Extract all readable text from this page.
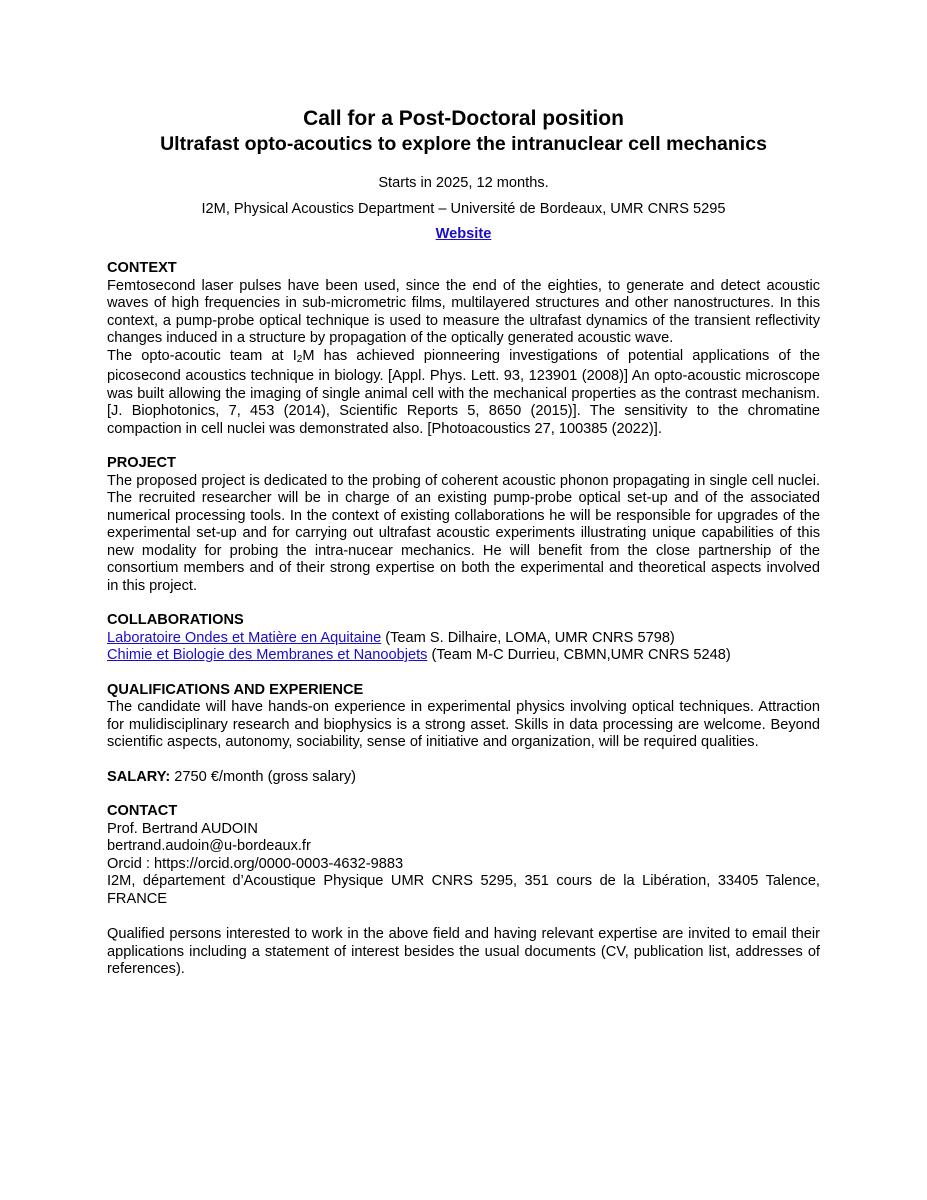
Call for a Post-Doctoral position

Ultrafast opto-acoutics to explore the intranuclear cell mechanics

Starts in 2025, 12 months.

I2M, Physical Acoustics Department – Université de Bordeaux, UMR CNRS 5295

Website

CONTEXT

Femtosecond laser pulses have been used, since the end of the eighties, to generate and detect acoustic waves of high frequencies in sub-micrometric films, multilayered structures and other nanostructures. In this context, a pump-probe optical technique is used to measure the ultrafast dynamics of the transient reflectivity changes induced in a structure by propagation of the optically generated acoustic wave.

The opto-acoutic team at $I_2M$ has achieved pionneering investigations of potential applications of the picosecond acoustics technique in biology. [Appl. Phys. Lett. 93, 123901 (2008)] An opto-acoustic microscope was built allowing the imaging of single animal cell with the mechanical properties as the contrast mechanism. [J. Biophotonics, 7, 453 (2014), Scientific Reports 5, 8650 (2015)]. The sensitivity to the chromatine compaction in cell nuclei was demonstrated also. [Photoacoustics 27, 100385 (2022)].

PROJECT

The proposed project is dedicated to the probing of coherent acoustic phonon propagating in single cell nuclei. The recruited researcher will be in charge of an existing pump-probe optical set-up and of the associated numerical processing tools. In the context of existing collaborations he will be responsible for upgrades of the experimental set-up and for carrying out ultrafast acoustic experiments illustrating unique capabilities of this new modality for probing the intra-nucear mechanics. He will benefit from the close partnership of the consortium members and of their strong expertise on both the experimental and theoretical aspects involved in this project.

COLLABORATIONS

Laboratoire Ondes et Matière en Aquitaine (Team S. Dilhaire, LOMA, UMR CNRS 5798)

Chimie et Biologie des Membranes et Nanoobjets (Team M-C Durrieu, CBMN,UMR CNRS 5248)

QUALIFICATIONS AND EXPERIENCE

The candidate will have hands-on experience in experimental physics involving optical techniques. Attraction for mulidisciplinary research and biophysics is a strong asset. Skills in data processing are welcome. Beyond scientific aspects, autonomy, sociability, sense of initiative and organization, will be required qualities.

SALARY: 2750 €/month (gross salary)

CONTACT

Prof. Bertrand AUDOIN

bertrand.audoin@u-bordeaux.fr

Orcid : https://orcid.org/0000-0003-4632-9883

I2M, département d’Acoustique Physique UMR CNRS 5295, 351 cours de la Libération, 33405 Talence, FRANCE

Qualified persons interested to work in the above field and having relevant expertise are invited to email their applications including a statement of interest besides the usual documents (CV, publication list, addresses of references).
